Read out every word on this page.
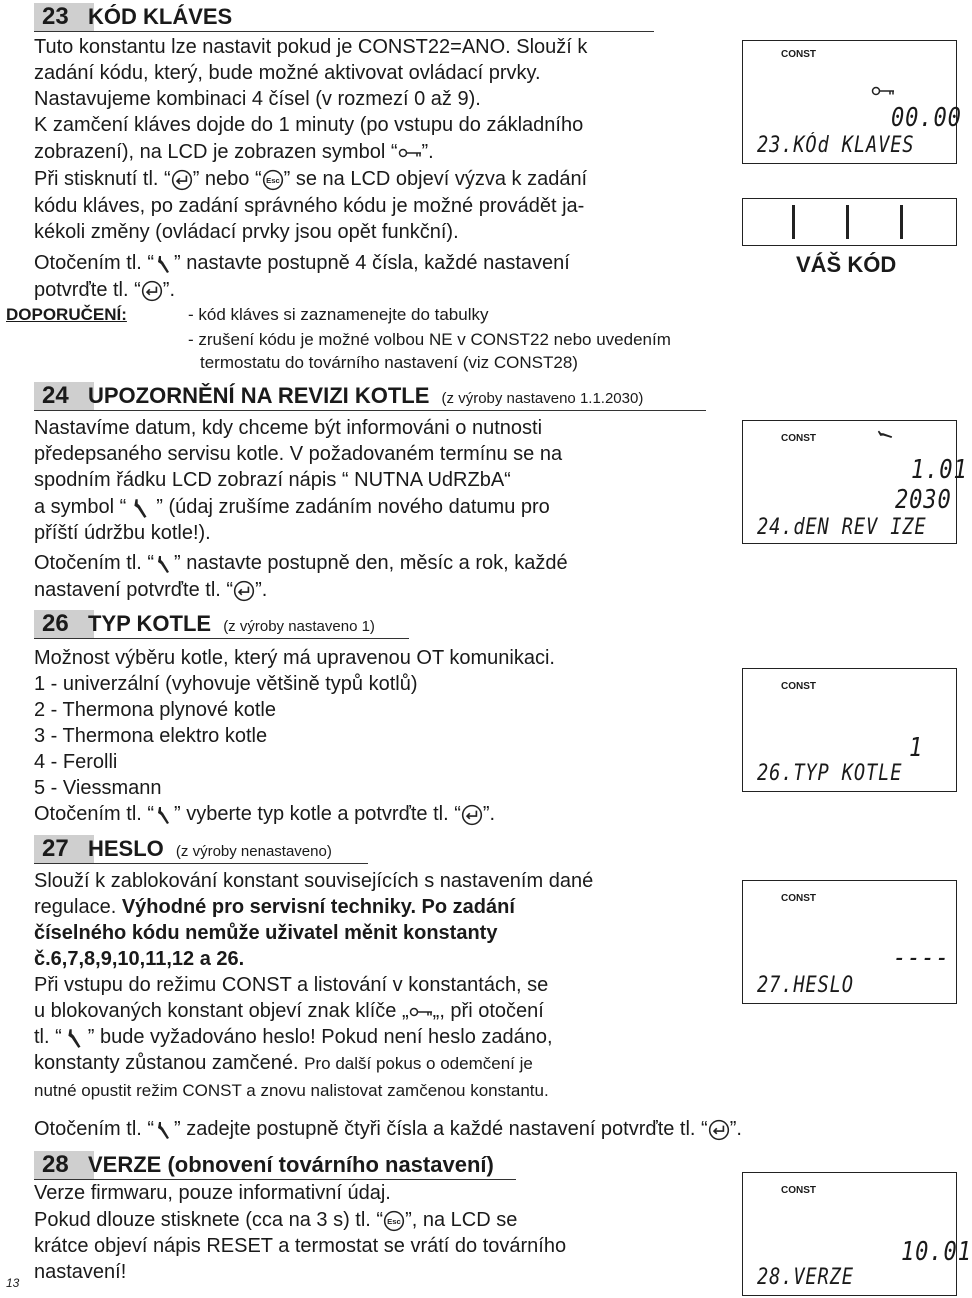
23 KÓD KLÁVES
Tuto konstantu lze nastavit pokud je CONST22=ANO. Slouží k
zadání kódu, který, bude možné aktivovat ovládací prvky.
Nastavujeme kombinaci 4 čísel (v rozmezí 0 až 9).
K zamčení kláves dojde do 1 minuty (po vstupu do základního
zobrazení), na LCD je zobrazen symbol “ ”.
Při stisknutí tl. “ ” nebo “ ” se na LCD objeví výzva k zadání
kódu kláves, po zadání správného kódu je možné provádět ja-
kékoli změny (ovládací prvky jsou opět funkční).
Otočením tl. “ ” nastavte postupně 4 čísla, každé nastavení
potvrďte tl. “ ”.
DOPORUČENÍ:	- kód kláves si zaznamenejte do tabulky
- zrušení kódu je možné volbou NE v CONST22 nebo uvedením
termostatu do továrního nastavení (viz CONST28)
CONST
00.00
23.KÓd KLAVES
VÁŠ KÓD
24 UPOZORNĚNÍ NA REVIZI KOTLE (z výroby nastaveno 1.1.2030)
Nastavíme datum, kdy chceme být informováni o nutnosti
předepsaného servisu kotle. V požadovaném termínu se na
spodním řádku LCD zobrazí nápis “ NUTNA UdRZbA“
a symbol “ ” (údaj zrušíme zadáním nového datumu pro
příští údržbu kotle!).
Otočením tl. “ ” nastavte postupně den, měsíc a rok, každé
nastavení potvrďte tl. “ ”.
CONST
1.01
2030
24.dEN REV IZE
26 TYP KOTLE (z výroby nastaveno 1)
Možnost výběru kotle, který má upravenou OT komunikaci.
1 - univerzální (vyhovuje většině typů kotlů)
2 - Thermona plynové kotle
3 - Thermona elektro kotle
4 - Ferolli
5 - Viessmann
Otočením tl. “ ” vyberte typ kotle a potvrďte tl. “ ”.
CONST
1
26.TYP KOTLE
27 HESLO (z výroby nenastaveno)
Slouží k zablokování konstant souvisejících s nastavením dané
regulace. Výhodné pro servisní techniky. Po zadání
číselného kódu nemůže uživatel měnit konstanty
č.6,7,8,9,10,11,12 a 26.
Při vstupu do režimu CONST a listování v konstantách, se
u blokovaných konstant objeví znak klíče „ „, při otočení
tl. “ ” bude vyžadováno heslo! Pokud není heslo zadáno,
konstanty zůstanou zamčené. Pro další pokus o odemčení je
nutné opustit režim CONST a znovu nalistovat zamčenou konstantu.
Otočením tl. “ ” zadejte postupně čtyři čísla a každé nastavení potvrďte tl. “ ”.
CONST
----
27.HESLO
28 VERZE (obnovení továrního nastavení)
Verze firmwaru, pouze informativní údaj.
Pokud dlouze stisknete (cca na 3 s) tl. “ ”, na LCD se
krátce objeví nápis RESET a termostat se vrátí do továrního
nastavení!
CONST
10.01
28.VERZE
13
